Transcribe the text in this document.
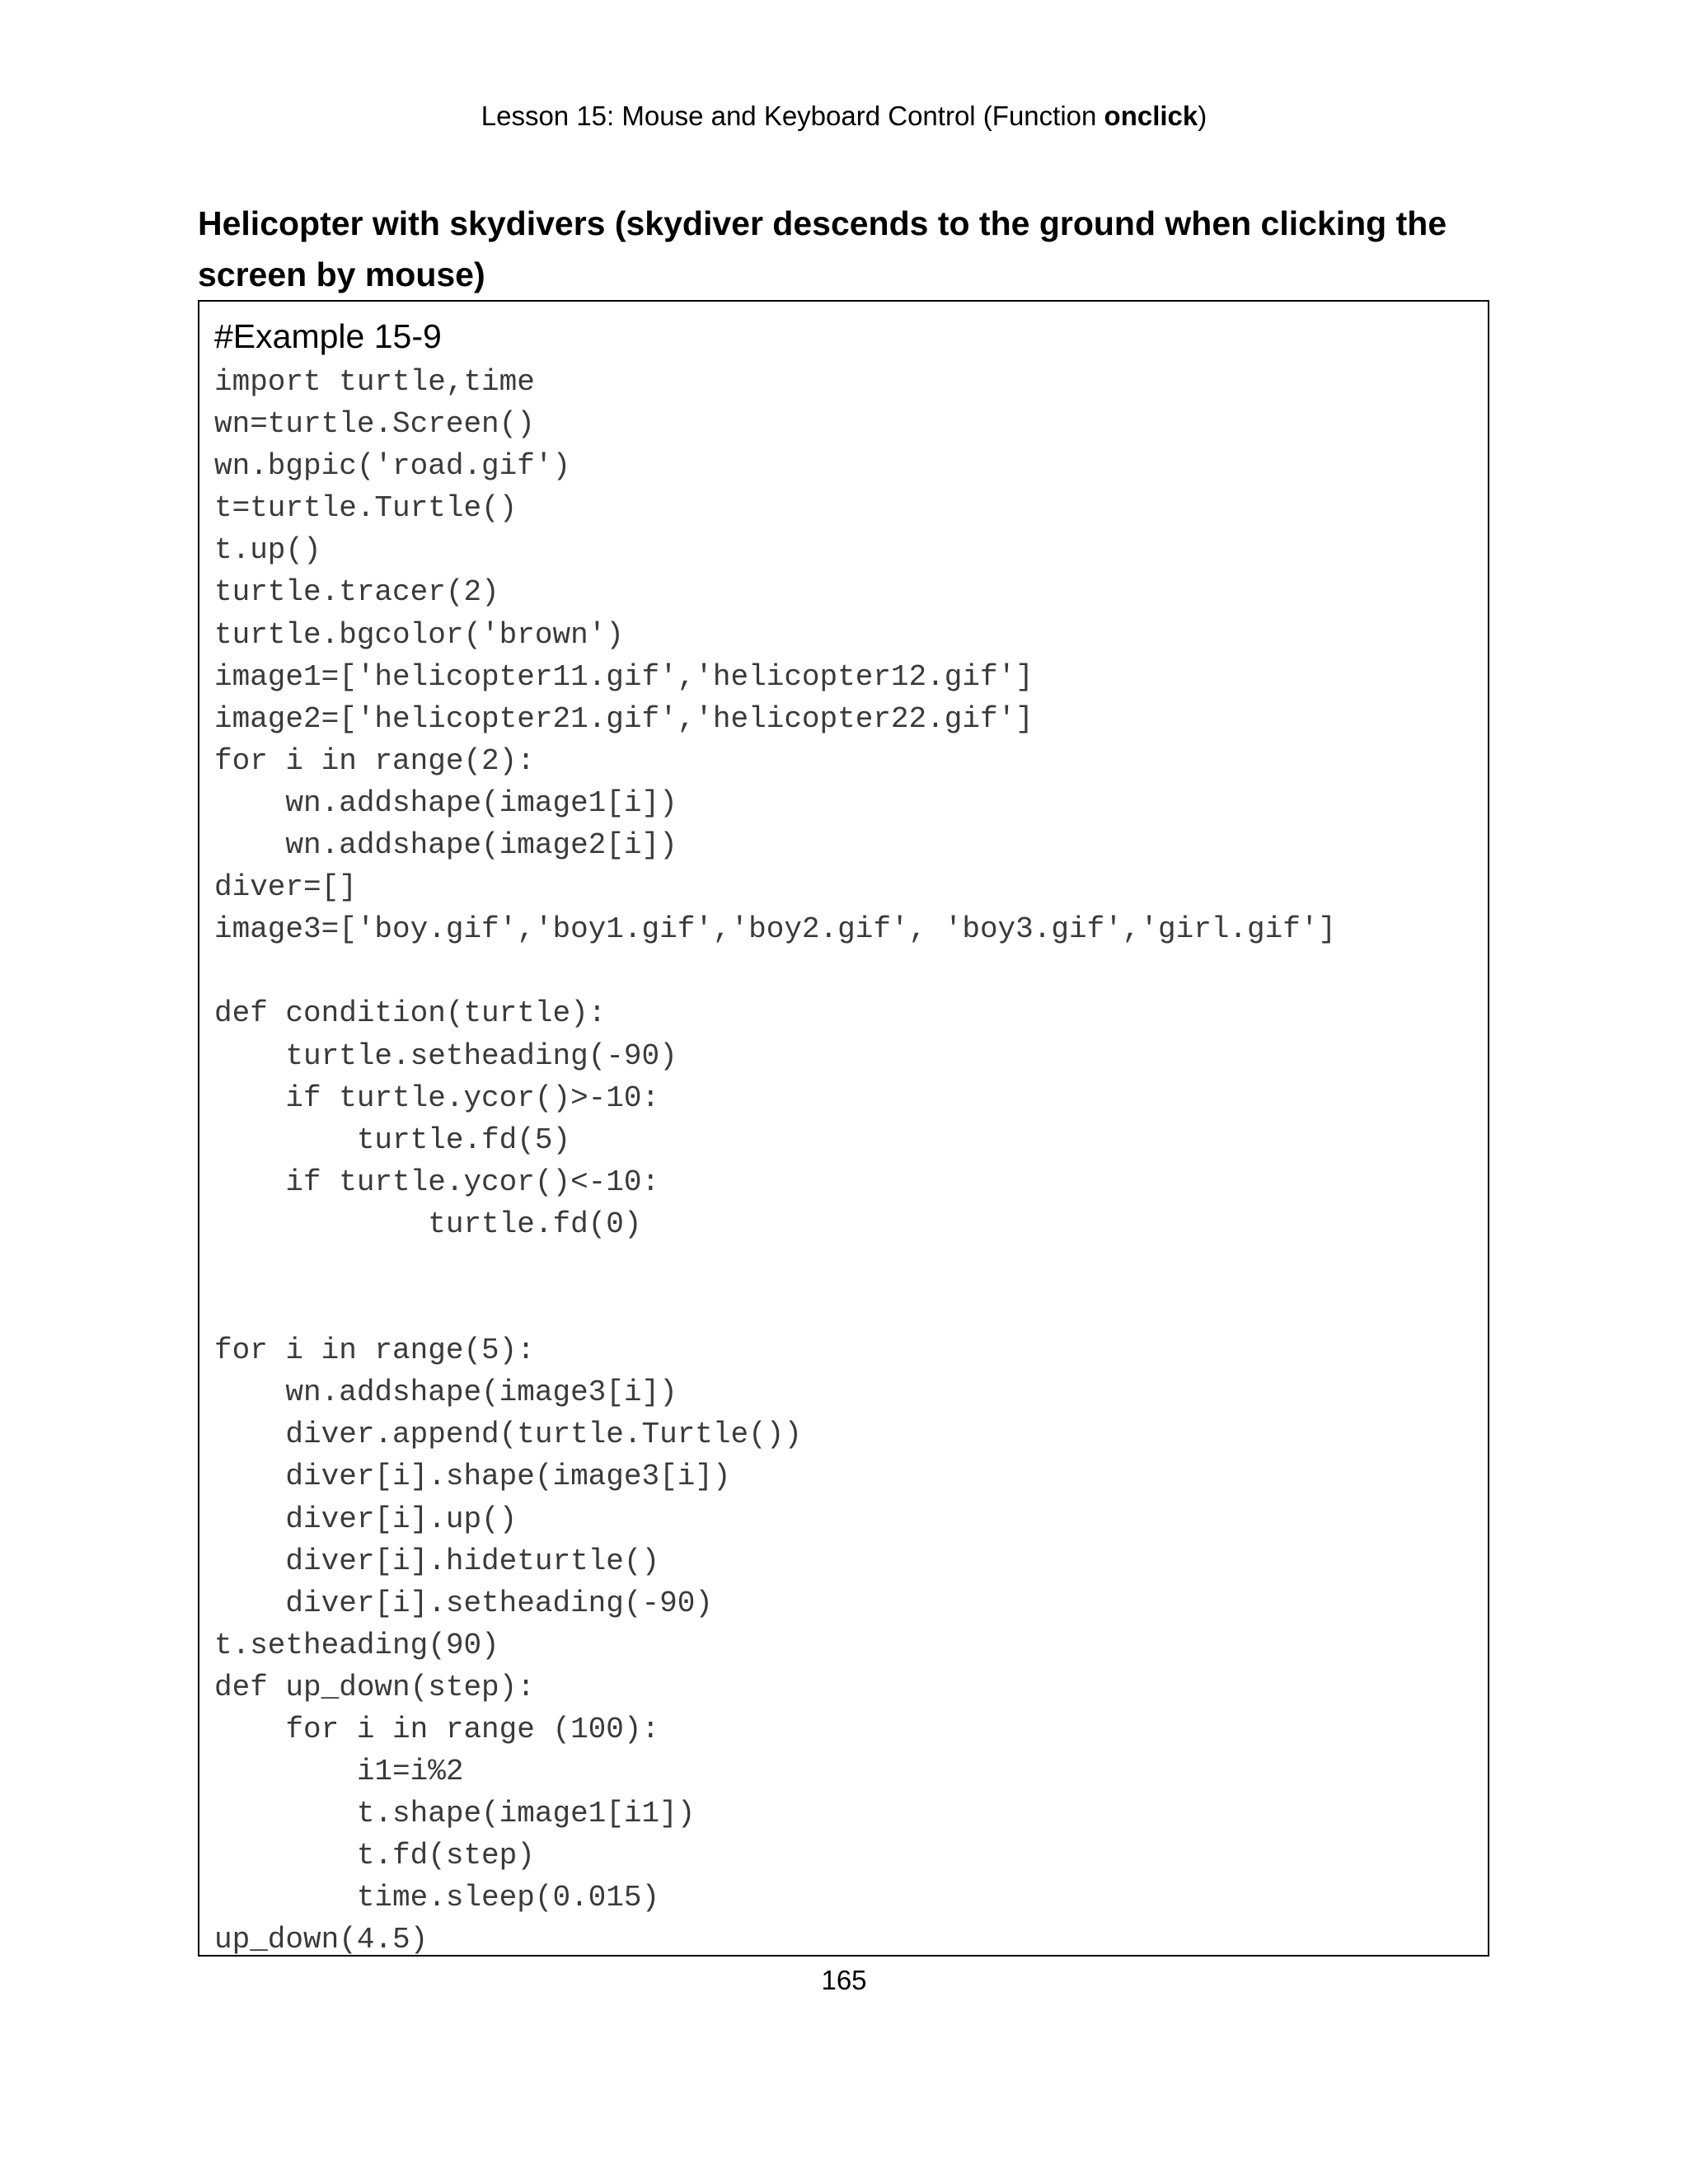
Lesson 15: Mouse and Keyboard Control (Function onclick)
Helicopter with skydivers (skydiver descends to the ground when clicking the screen by mouse)
#Example 15-9
import turtle,time
wn=turtle.Screen()
wn.bgpic('road.gif')
t=turtle.Turtle()
t.up()
turtle.tracer(2)
turtle.bgcolor('brown')
image1=['helicopter11.gif','helicopter12.gif']
image2=['helicopter21.gif','helicopter22.gif']
for i in range(2):
wn.addshape(image1[i])
wn.addshape(image2[i])
diver=[]
image3=['boy.gif','boy1.gif','boy2.gif', 'boy3.gif','girl.gif']
def condition(turtle):
turtle.setheading(-90)
if turtle.ycor()>-10:
turtle.fd(5)
if turtle.ycor()<-10:
turtle.fd(0)
for i in range(5):
wn.addshape(image3[i])
diver.append(turtle.Turtle())
diver[i].shape(image3[i])
diver[i].up()
diver[i].hideturtle()
diver[i].setheading(-90)
t.setheading(90)
def up_down(step):
for i in range (100):
i1=i%2
t.shape(image1[i1])
t.fd(step)
time.sleep(0.015)
up_down(4.5)
165
